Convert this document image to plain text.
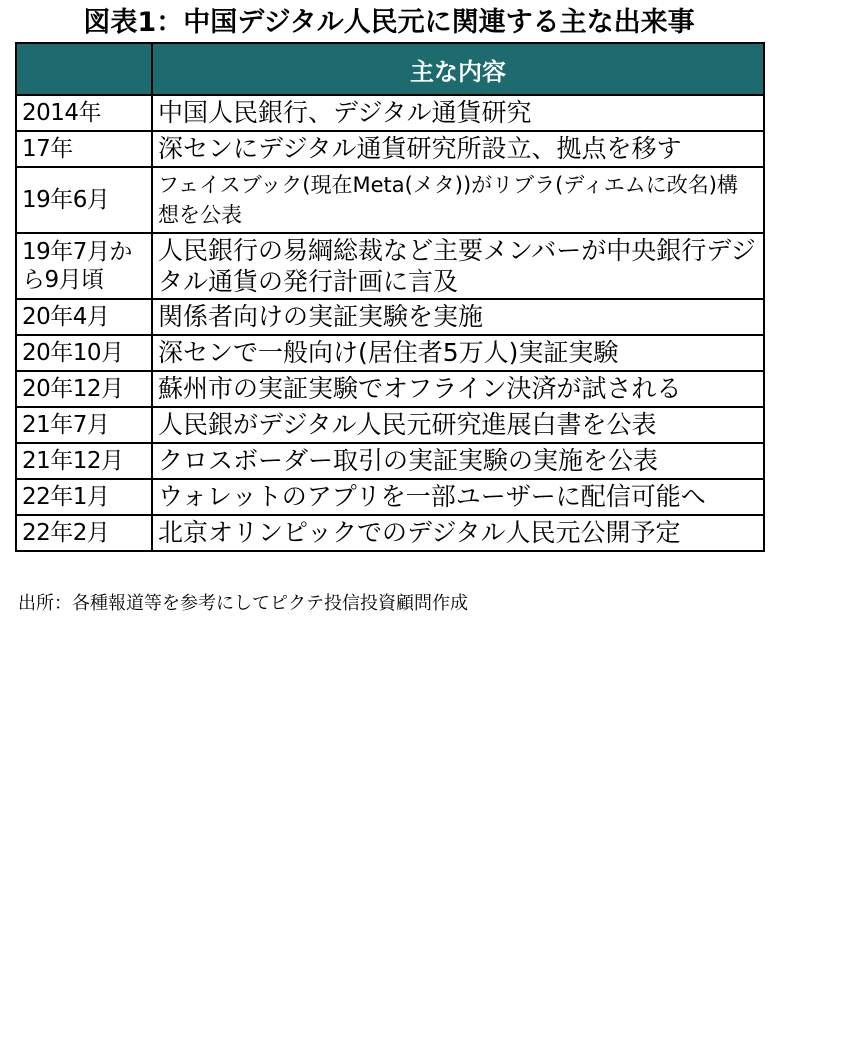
図表1：中国デジタル人民元に関連する主な出来事
	主な内容
2014年	中国人民銀行、デジタル通貨研究
17年	深センにデジタル通貨研究所設立、拠点を移す
19年6月	フェイスブック(現在Meta(メタ))がリブラ(ディエムに改名)構想を公表
19年7月から9月頃	人民銀行の易綱総裁など主要メンバーが中央銀行デジタル通貨の発行計画に言及
20年4月	関係者向けの実証実験を実施
20年10月	深センで一般向け(居住者5万人)実証実験
20年12月	蘇州市の実証実験でオフライン決済が試される
21年7月	人民銀がデジタル人民元研究進展白書を公表
21年12月	クロスボーダー取引の実証実験の実施を公表
22年1月	ウォレットのアプリを一部ユーザーに配信可能へ
22年2月	北京オリンピックでのデジタル人民元公開予定
出所：各種報道等を参考にしてピクテ投信投資顧問作成
